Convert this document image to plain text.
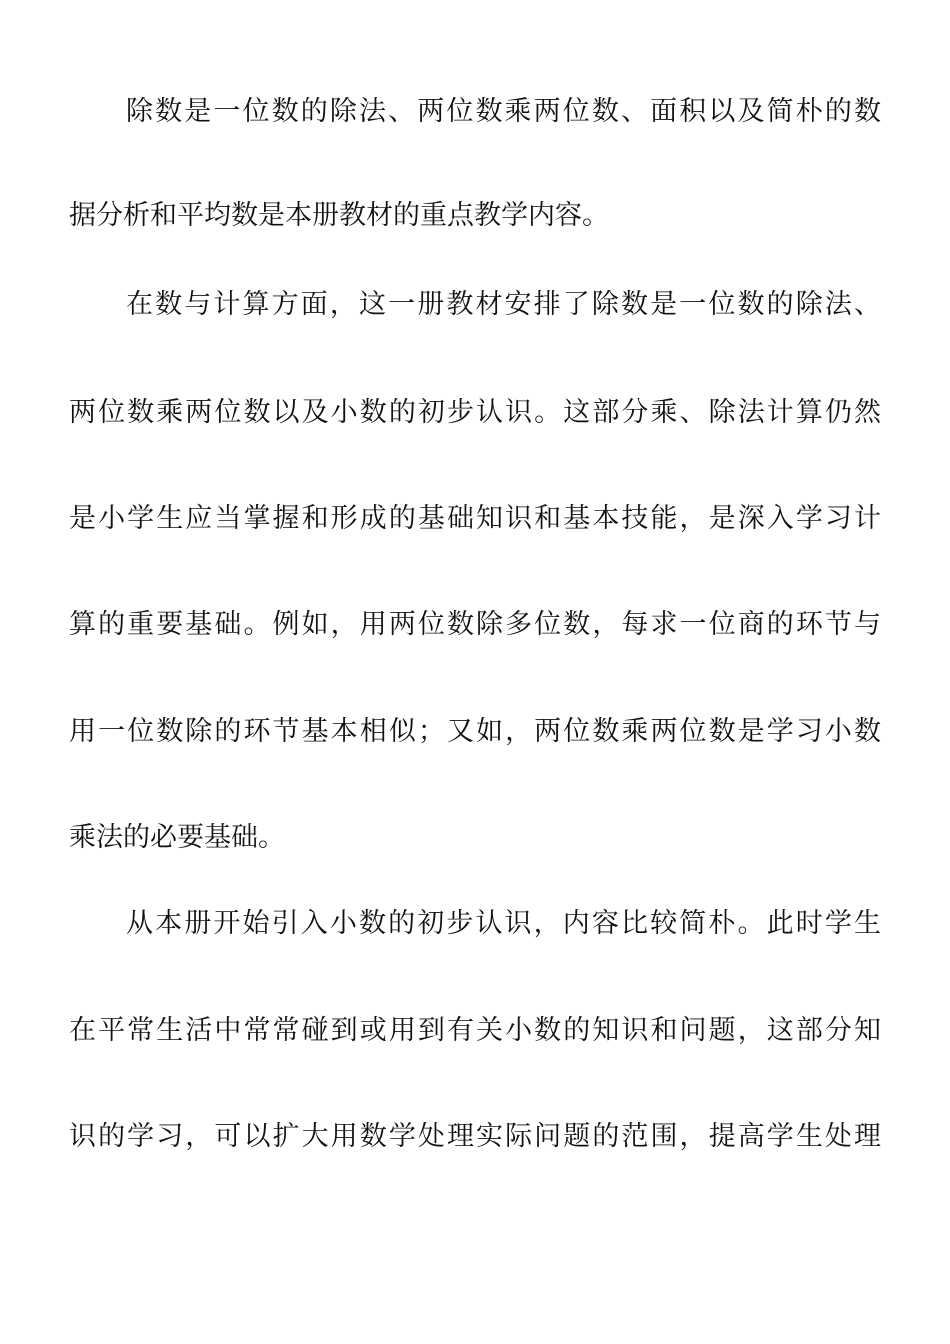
除数是一位数的除法、两位数乘两位数、面积以及简朴的数
据分析和平均数是本册教材的重点教学内容。
在数与计算方面，这一册教材安排了除数是一位数的除法、
两位数乘两位数以及小数的初步认识。这部分乘、除法计算仍然
是小学生应当掌握和形成的基础知识和基本技能，是深入学习计
算的重要基础。例如，用两位数除多位数，每求一位商的环节与
用一位数除的环节基本相似；又如，两位数乘两位数是学习小数
乘法的必要基础。
从本册开始引入小数的初步认识，内容比较简朴。此时学生
在平常生活中常常碰到或用到有关小数的知识和问题，这部分知
识的学习，可以扩大用数学处理实际问题的范围，提高学生处理
